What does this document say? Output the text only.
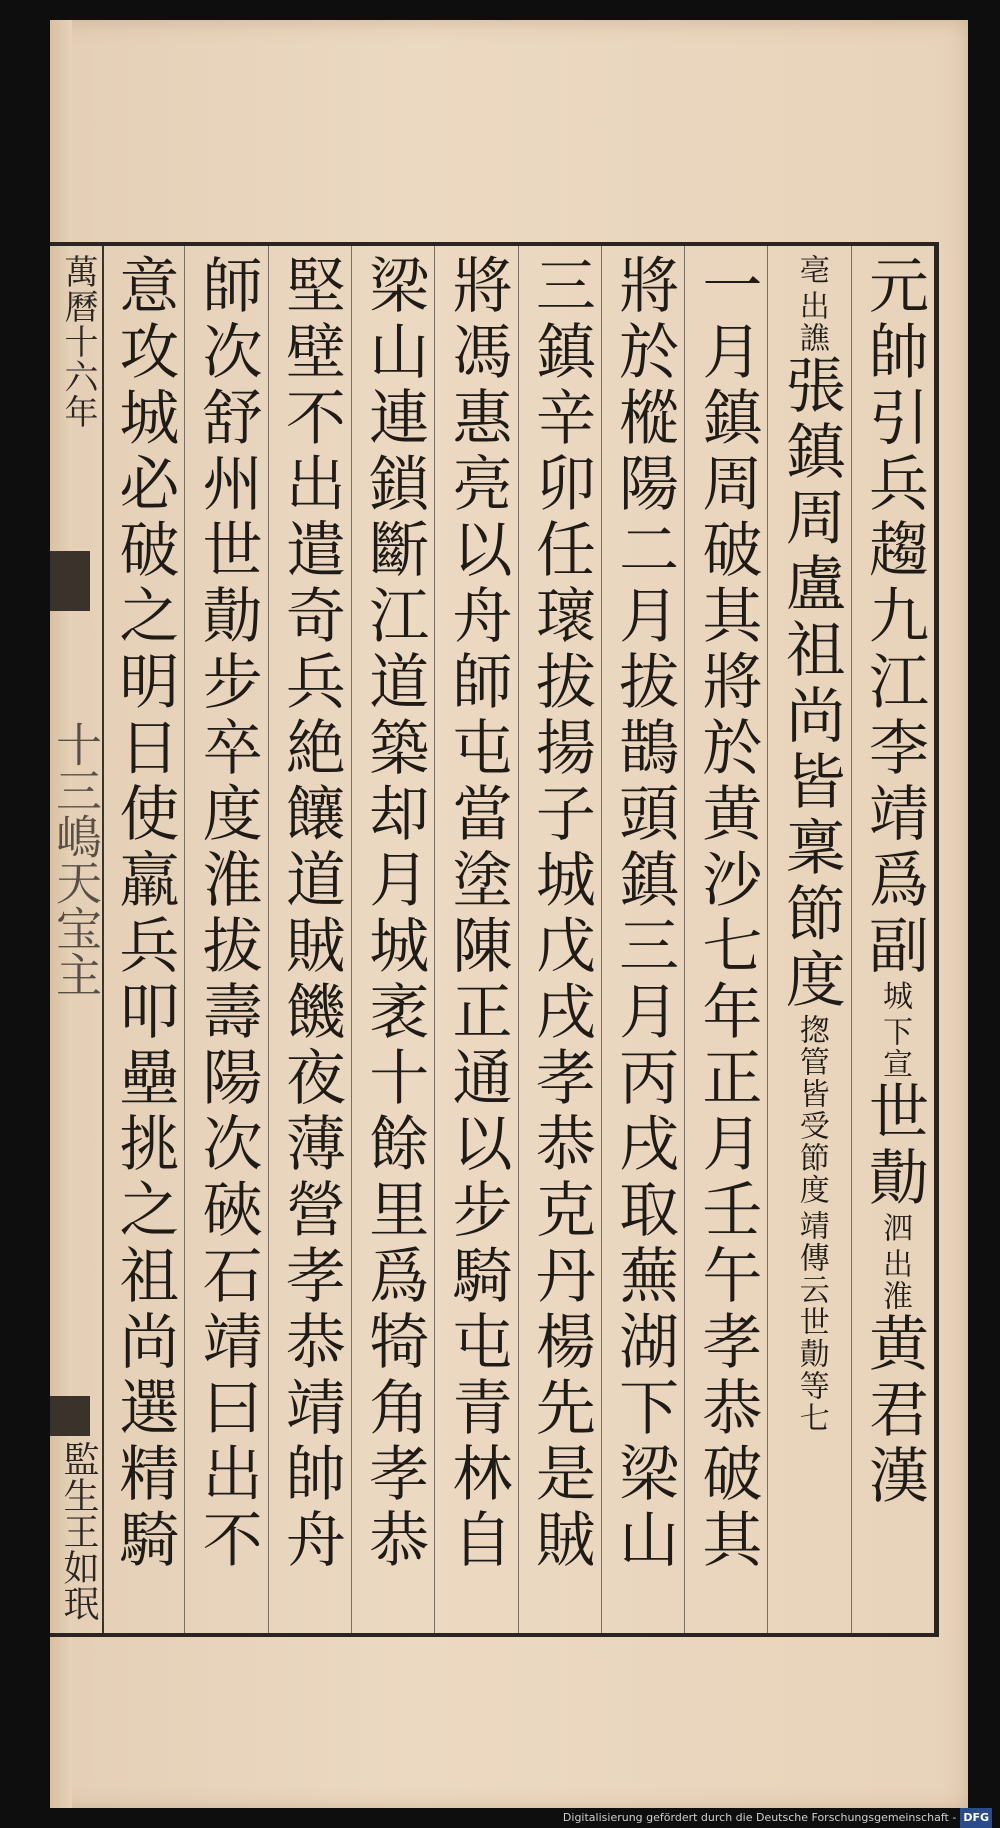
萬曆十六年
十三嶋天宝主
監生王如珉
元帥引兵趨九江李靖爲副
下宣
城
世勣
出淮
泗
黄君漢
出譙
亳
張鎮周盧祖尚皆稟節度
靖傳云世勣等七
揔管皆受節度
一月鎮周破其將於黄沙七年正月壬午孝恭破其
將於樅陽二月拔鵲頭鎮三月丙戌取蕪湖下梁山
三鎮辛卯任瓌拔揚子城戊戌孝恭克丹楊先是賊
將馮惠亮以舟師屯當塗陳正通以步騎屯青林自
梁山連鎖斷江道築却月城袤十餘里爲犄角孝恭
堅壁不出遣奇兵絶饟道賊饑夜薄營孝恭靖帥舟
師次舒州世勣步卒度淮拔壽陽次硤石靖曰出不
意攻城必破之明日使羸兵叩壘挑之祖尚選精騎
Digitalisierung gefördert durch die Deutsche Forschungsgemeinschaft - DFG
